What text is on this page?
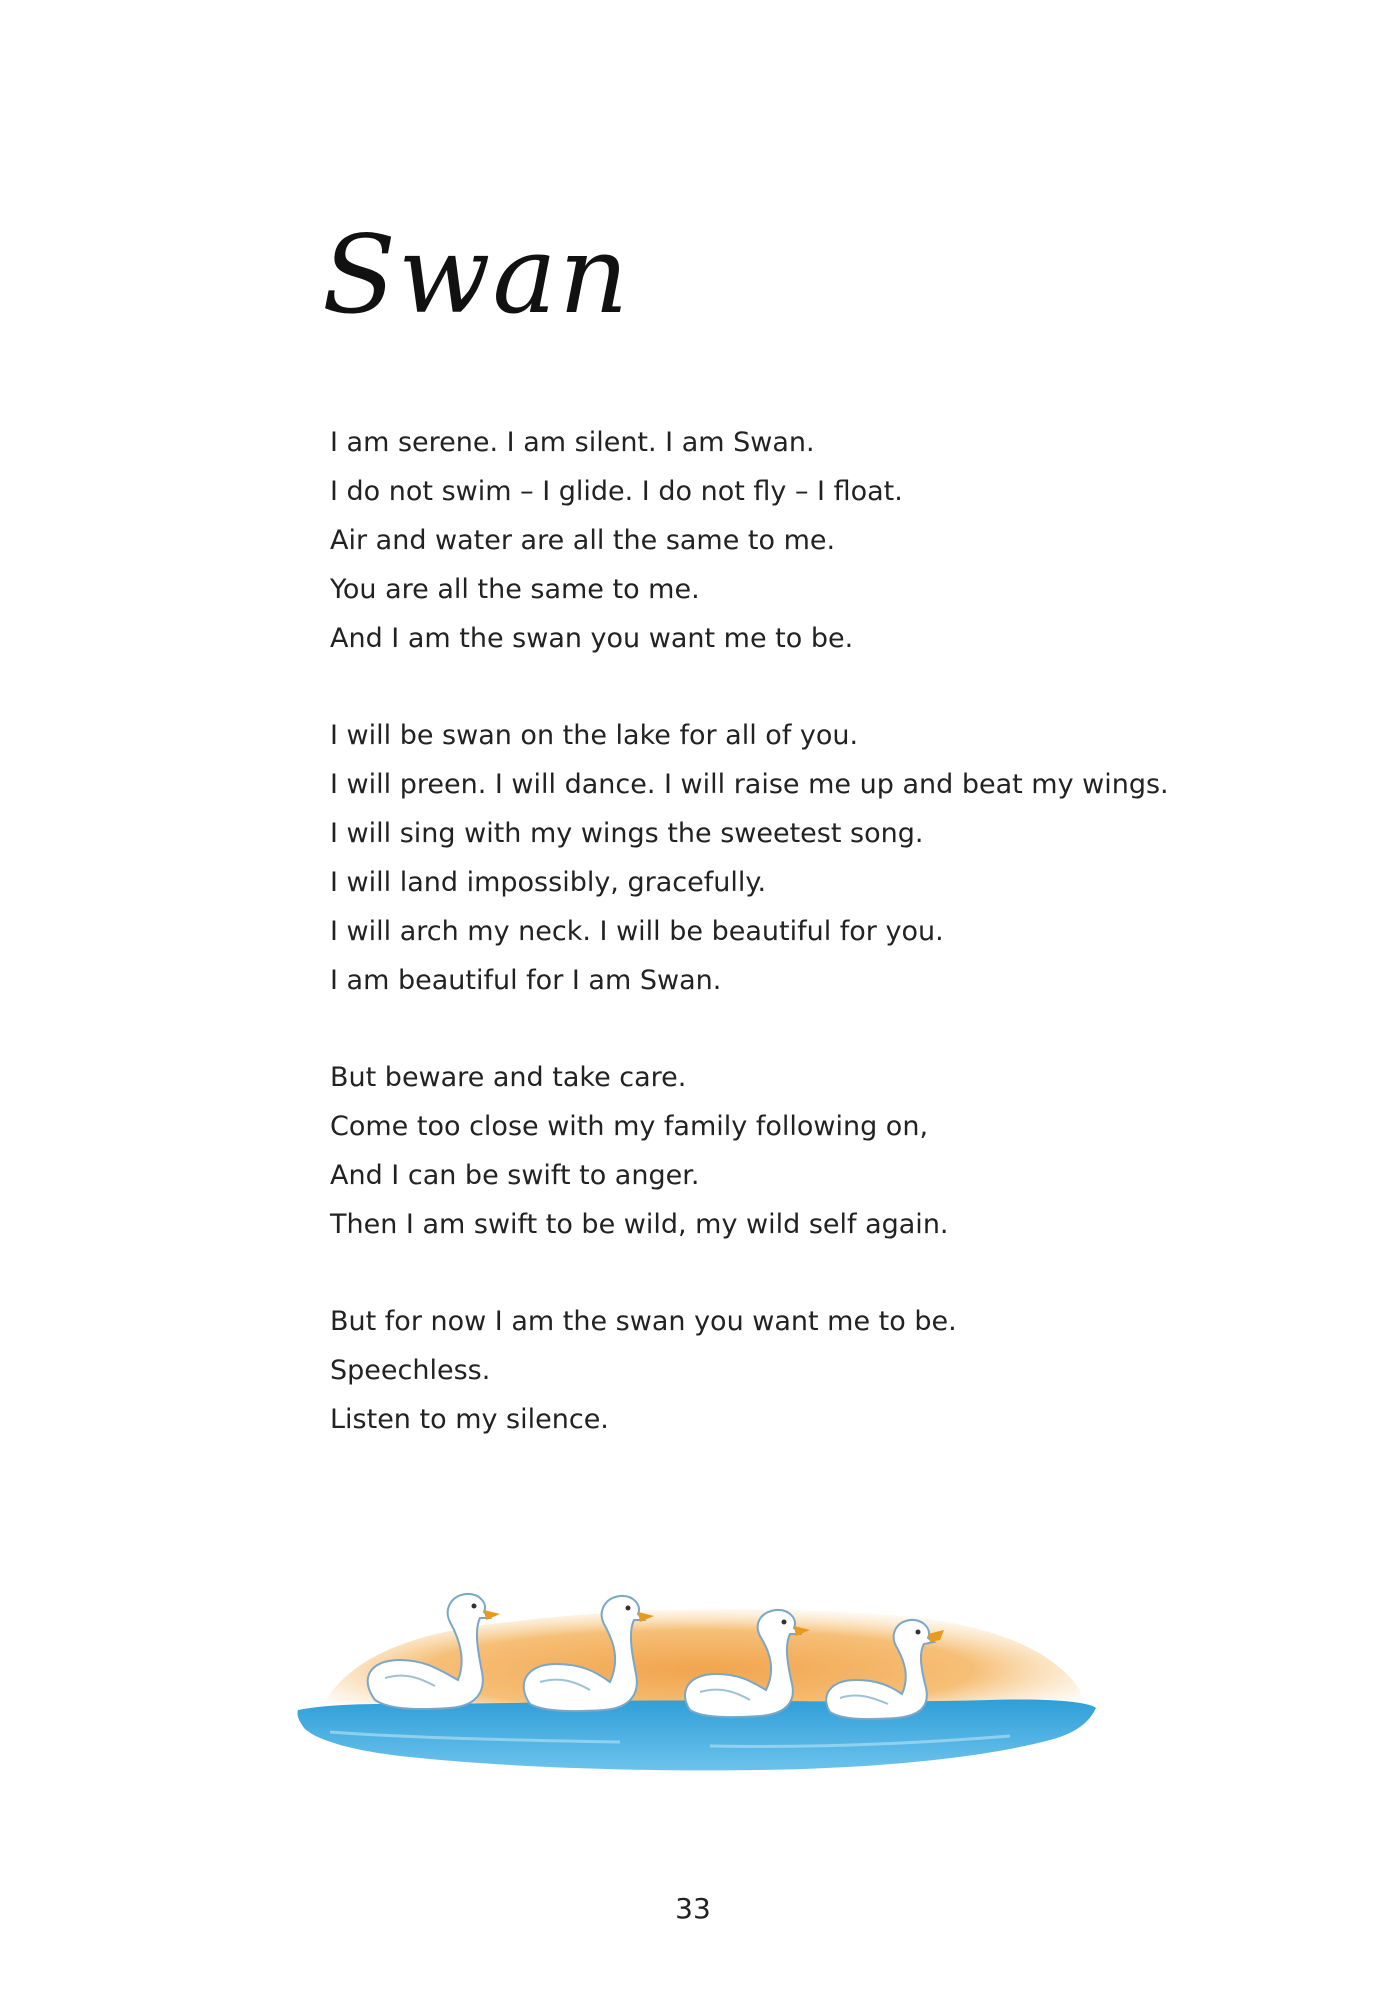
Swan
I am serene. I am silent. I am Swan.
I do not swim – I glide. I do not fly – I float.
Air and water are all the same to me.
You are all the same to me.
And I am the swan you want me to be.
I will be swan on the lake for all of you.
I will preen. I will dance. I will raise me up and beat my wings.
I will sing with my wings the sweetest song.
I will land impossibly, gracefully.
I will arch my neck. I will be beautiful for you.
I am beautiful for I am Swan.
But beware and take care.
Come too close with my family following on,
And I can be swift to anger.
Then I am swift to be wild, my wild self again.
But for now I am the swan you want me to be.
Speechless.
Listen to my silence.
33
